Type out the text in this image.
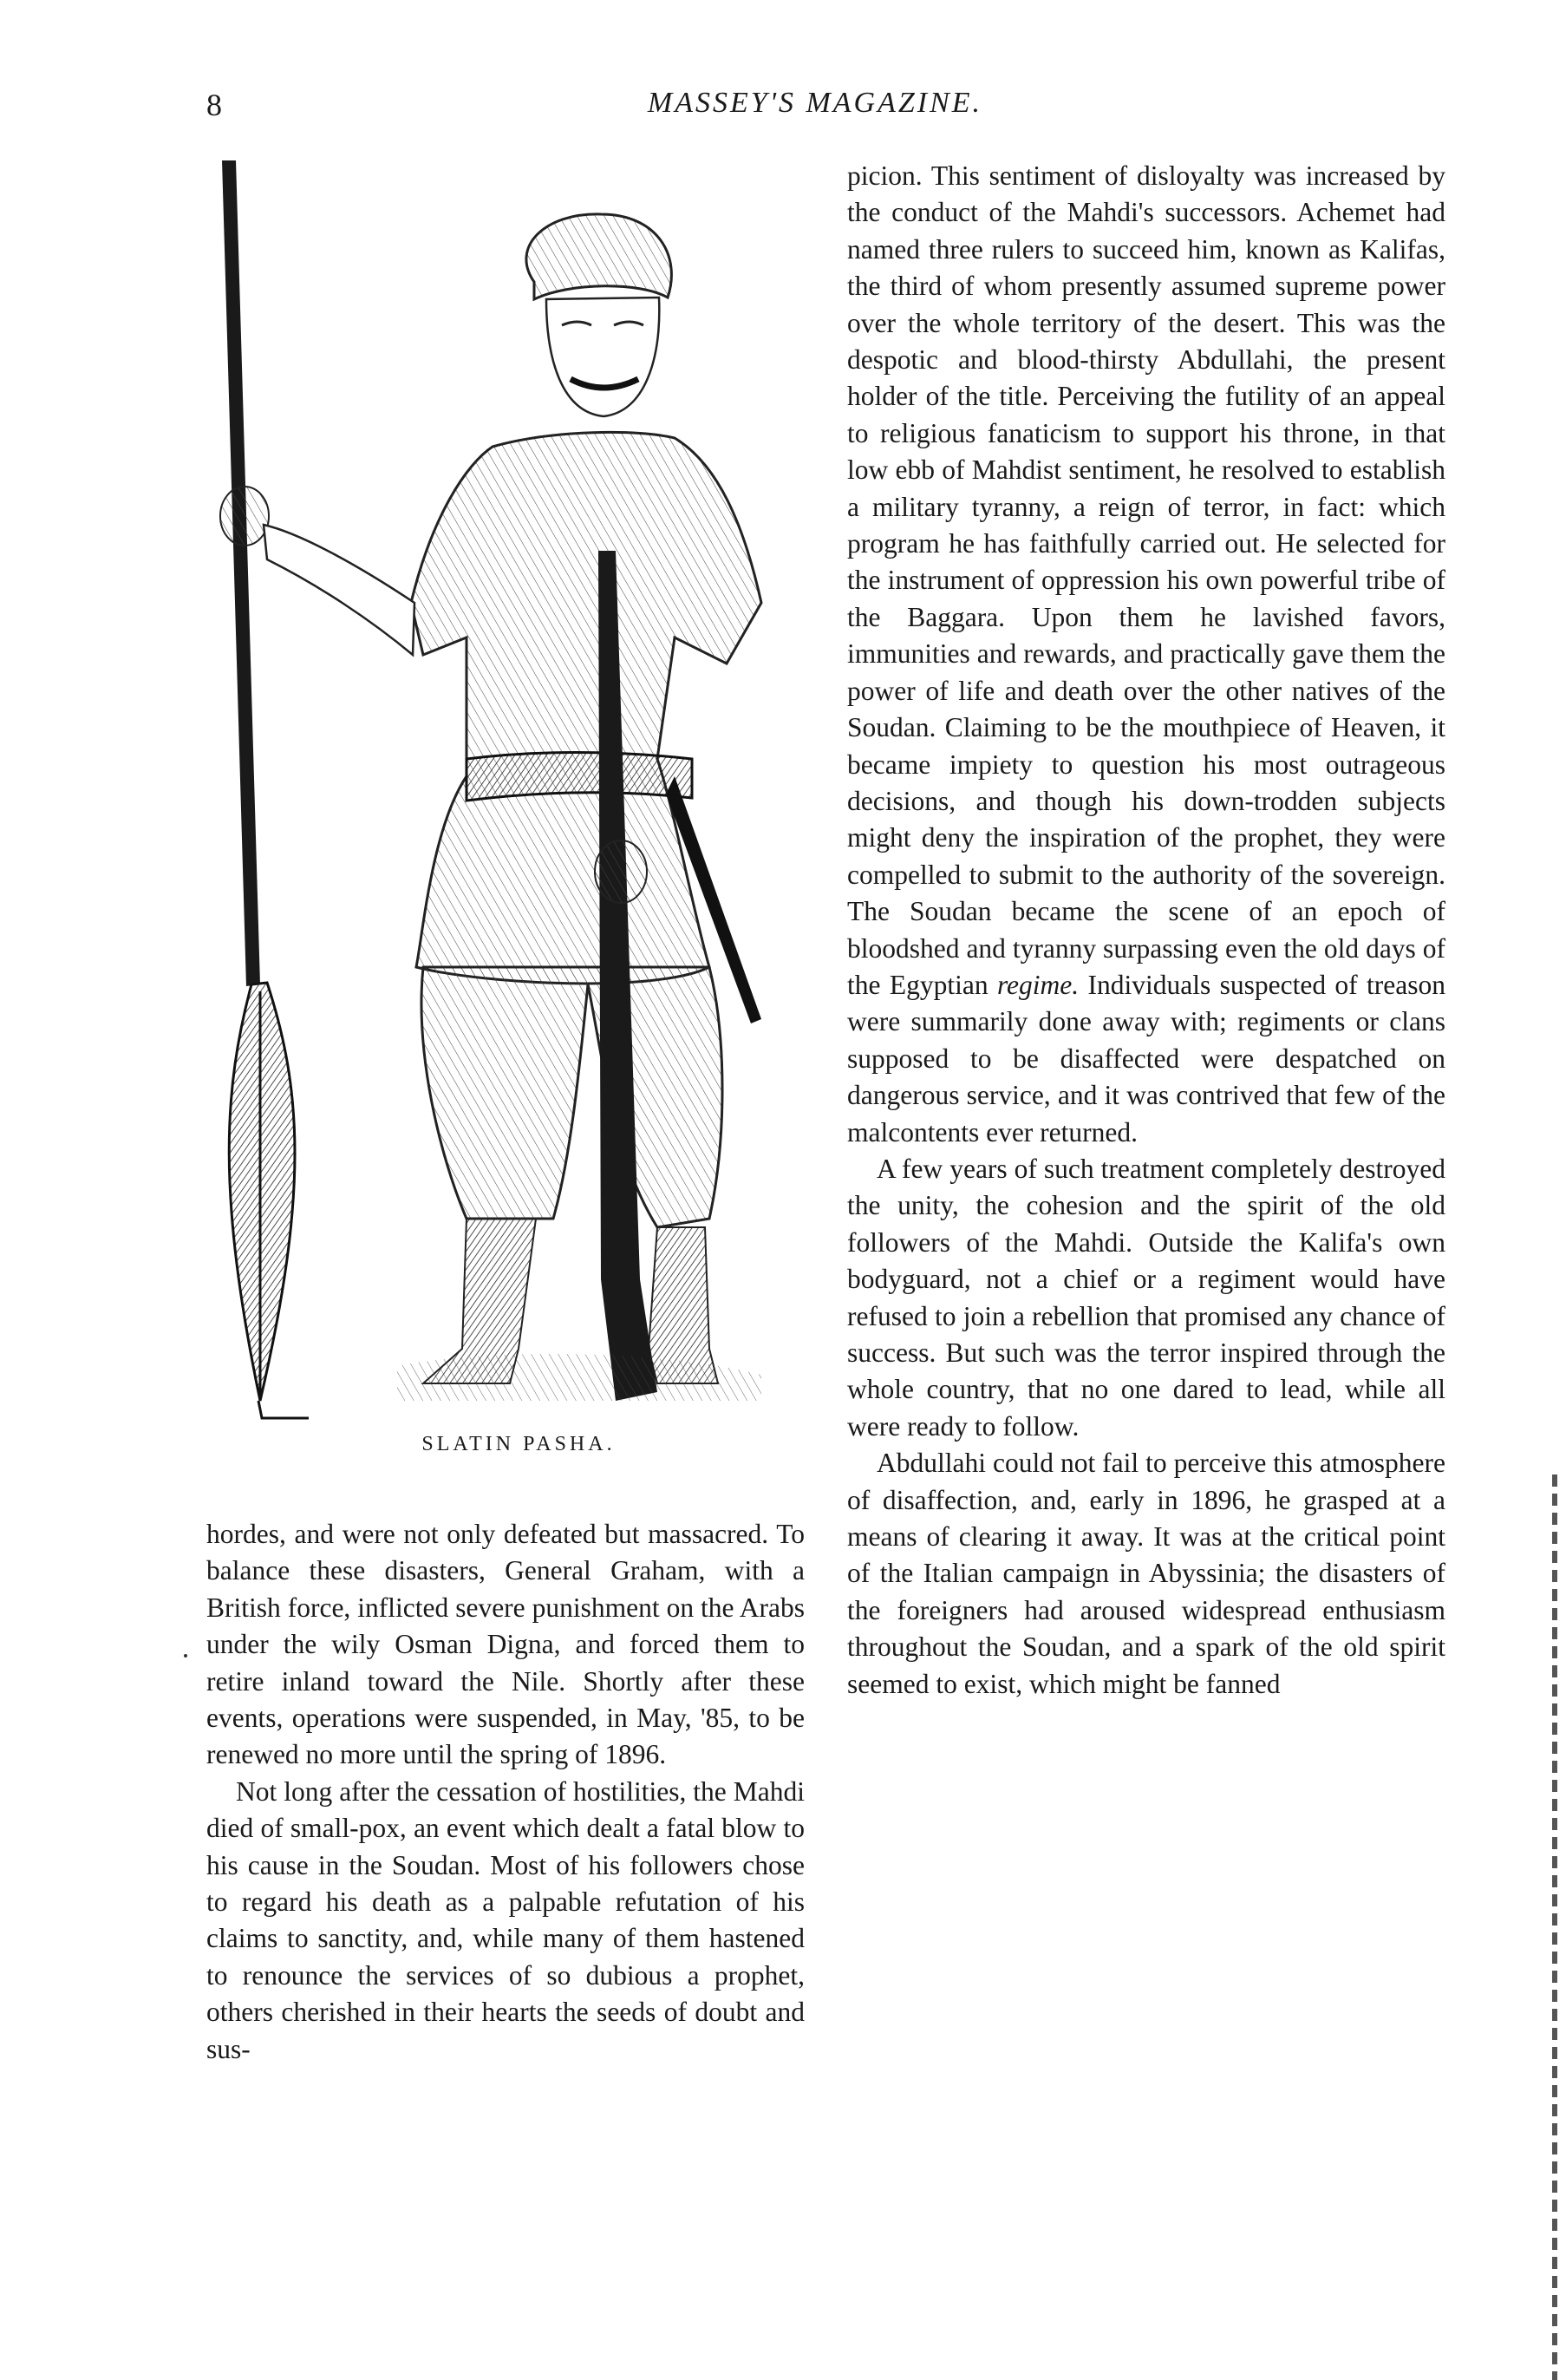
8	MASSEY'S MAGAZINE.
SLATIN PASHA.

hordes, and were not only defeated but massacred. To balance these disasters, General Graham, with a British force, inflicted severe punishment on the Arabs under the wily Osman Digna, and forced them to retire inland toward the Nile. Shortly after these events, operations were suspended, in May, '85, to be renewed no more until the spring of 1896.

Not long after the cessation of hostilities, the Mahdi died of small-pox, an event which dealt a fatal blow to his cause in the Soudan. Most of his followers chose to regard his death as a palpable refutation of his claims to sanctity, and, while many of them hastened to renounce the services of so dubious a prophet, others cherished in their hearts the seeds of doubt and sus-

picion. This sentiment of disloyalty was increased by the conduct of the Mahdi's successors. Achemet had named three rulers to succeed him, known as Kalifas, the third of whom presently assumed supreme power over the whole territory of the desert. This was the despotic and blood-thirsty Abdullahi, the present holder of the title. Perceiving the futility of an appeal to religious fanaticism to support his throne, in that low ebb of Mahdist sentiment, he resolved to establish a military tyranny, a reign of terror, in fact: which program he has faithfully carried out. He selected for the instrument of oppression his own powerful tribe of the Baggara. Upon them he lavished favors, immunities and rewards, and practically gave them the power of life and death over the other natives of the Soudan. Claiming to be the mouthpiece of Heaven, it became impiety to question his most outrageous decisions, and though his down-trodden subjects might deny the inspiration of the prophet, they were compelled to submit to the authority of the sovereign. The Soudan became the scene of an epoch of bloodshed and tyranny surpassing even the old days of the Egyptian regime. Individuals suspected of treason were summarily done away with; regiments or clans supposed to be disaffected were despatched on dangerous service, and it was contrived that few of the malcontents ever returned.

A few years of such treatment completely destroyed the unity, the cohesion and the spirit of the old followers of the Mahdi. Outside the Kalifa's own bodyguard, not a chief or a regiment would have refused to join a rebellion that promised any chance of success. But such was the terror inspired through the whole country, that no one dared to lead, while all were ready to follow.

Abdullahi could not fail to perceive this atmosphere of disaffection, and, early in 1896, he grasped at a means of clearing it away. It was at the critical point of the Italian campaign in Abyssinia; the disasters of the foreigners had aroused widespread enthusiasm throughout the Soudan, and a spark of the old spirit seemed to exist, which might be fanned
